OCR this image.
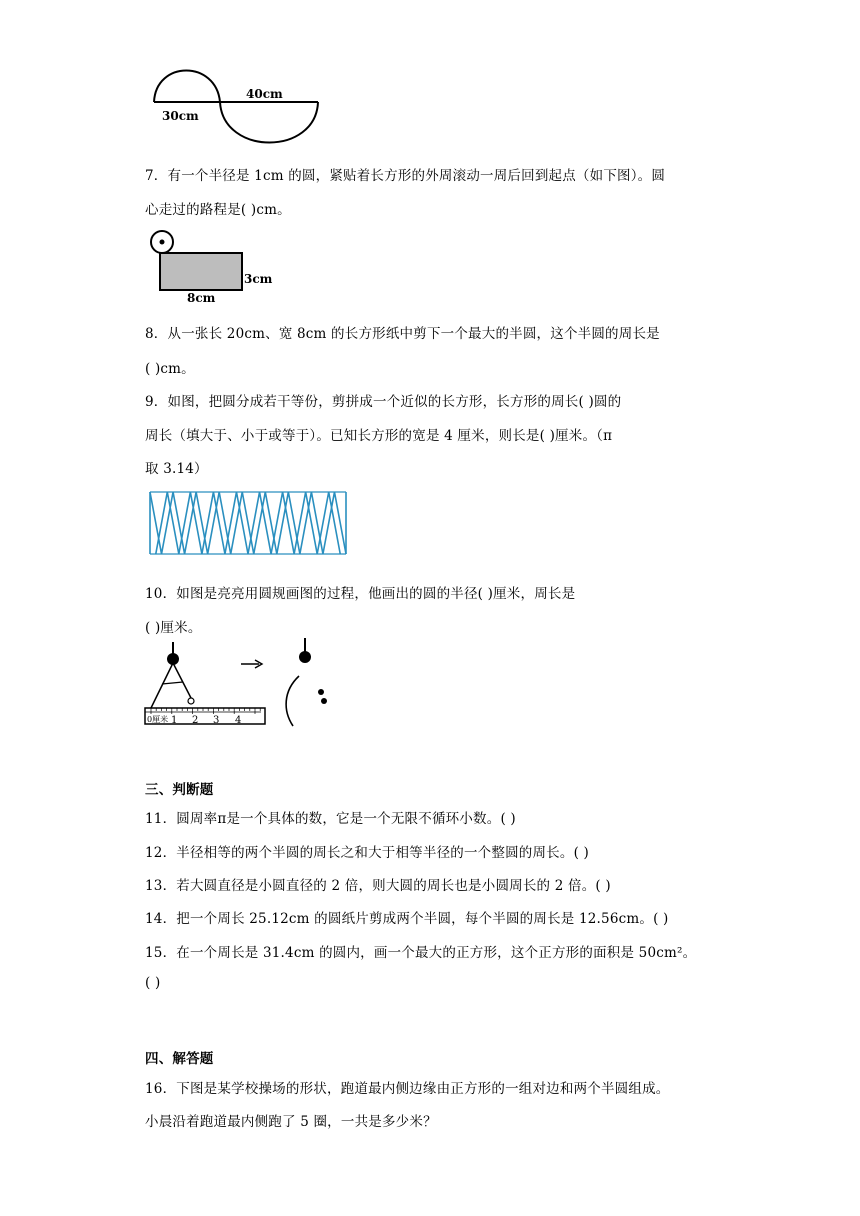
40cm
30cm
7．有一个半径是 1cm 的圆，紧贴着长方形的外周滚动一周后回到起点（如下图）。圆
心走过的路程是( )cm。
3cm
8cm
8．从一张长 20cm、宽 8cm 的长方形纸中剪下一个最大的半圆，这个半圆的周长是
( )cm。
9．如图，把圆分成若干等份，剪拼成一个近似的长方形，长方形的周长( )圆的
周长（填大于、小于或等于）。已知长方形的宽是 4 厘米，则长是( )厘米。（π
取 3.14）
10．如图是亮亮用圆规画图的过程，他画出的圆的半径( )厘米，周长是
( )厘米。
0厘米 1 2 3 4
三、判断题
11．圆周率π是一个具体的数，它是一个无限不循环小数。( )
12．半径相等的两个半圆的周长之和大于相等半径的一个整圆的周长。( )
13．若大圆直径是小圆直径的 2 倍，则大圆的周长也是小圆周长的 2 倍。( )
14．把一个周长 25.12cm 的圆纸片剪成两个半圆，每个半圆的周长是 12.56cm。( )
15．在一个周长是 31.4cm 的圆内，画一个最大的正方形，这个正方形的面积是 50cm²。
( )
四、解答题
16．下图是某学校操场的形状，跑道最内侧边缘由正方形的一组对边和两个半圆组成。
小晨沿着跑道最内侧跑了 5 圈，一共是多少米？
